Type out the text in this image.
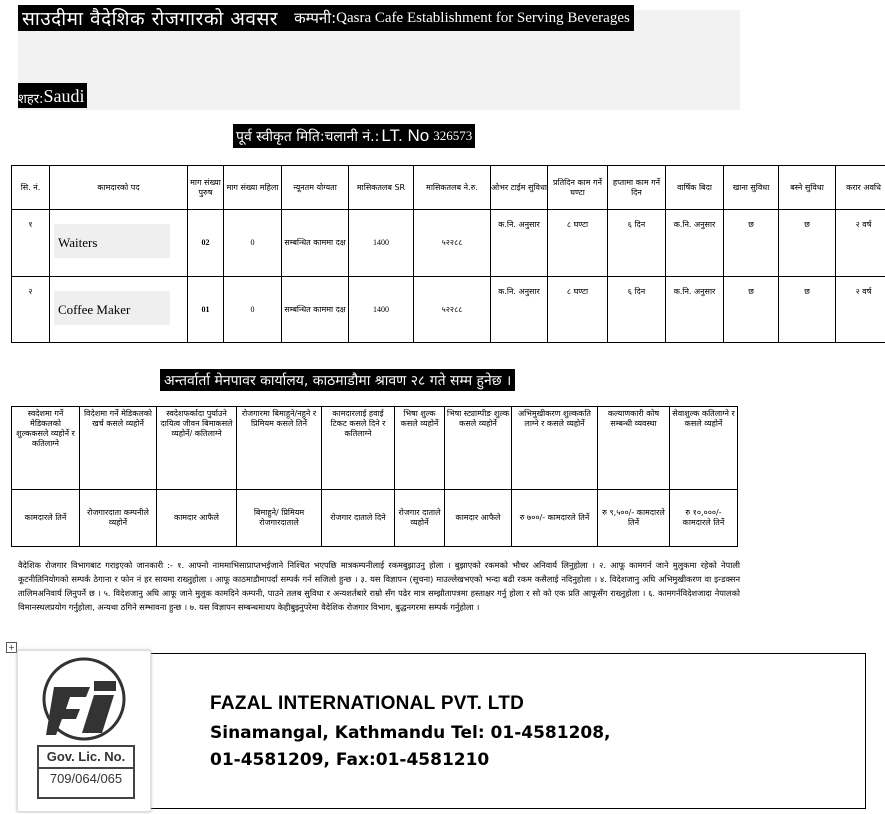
साउदीमा वैदेशिक रोजगारको अवसर कम्पनी: Qasra Cafe Establishment for Serving Beverages
शहर: Saudi
पूर्व स्वीकृत मिति:चलानी नं.: LT. No 326573
सि. नं.	कामदारको पद	माग संख्या पुरुष	माग संख्या महिला	न्यूनतम योग्यता	मासिकतलब SR	मासिकतलब ने.रु.	ओभर टाईम सुविधा	प्रतिदिन काम गर्ने घण्टा	हप्तामा काम गर्ने दिन	वार्षिक बिदा	खाना सुविधा	बस्ने सुविधा	करार अवधि
१	Waiters	02	0	सम्बन्धित काममा दक्ष	1400	५२२८८	क.नि. अनुसार	८ घण्टा	६ दिन	क.नि. अनुसार	छ	छ	२ वर्ष
२	Coffee Maker	01	0	सम्बन्धित काममा दक्ष	1400	५२२८८	क.नि. अनुसार	८ घण्टा	६ दिन	क.नि. अनुसार	छ	छ	२ वर्ष
अन्तर्वार्ता मेनपावर कार्यालय, काठमाडौमा श्रावण २८ गते सम्म हुनेछ ।
स्वदेशमा गर्ने मेडिकलको शुल्ककसले व्यहोर्ने र कतिलाग्ने	विदेशमा गर्ने मेडिकलको खर्च कसले व्यहोर्ने	स्वदेशफर्कादा पुर्याउने दायित्व जीवन बिमाकसले व्यहोर्ने/ कतिलाग्ने	रोजगारमा बिमाहुने/नहुने र प्रिमियम कसले तिर्ने	कामदारलाई हवाई टिकट कसले दिने र कतिलाग्ने	भिषा शुल्क कसले व्यहोर्ने	भिषा स्ट्याम्पीङ शुल्क कसले व्यहोर्ने	अभिमुखीकरण शुल्ककति लाग्ने र कसले व्यहोर्ने	कल्याणकारी कोष सम्बन्धी व्यवस्था	सेवाशुल्क कतिलाग्ने र कसले व्यहोर्ने
कामदारले तिर्ने	रोजगारदाता कम्पनीले व्यहोर्ने	कामदार आफैले	बिमाहुने/ प्रिमियम रोजगारदाताले	रोजगार दाताले दिने	रोजगार दाताले व्यहोर्ने	कामदार आफैले	रु ७००/- कामदारले तिर्ने	रु ९,५००/- कामदारले तिर्ने	रु १०,०००/- कामदारले तिर्ने
वैदेशिक रोजगार विभागबाट गराइएको जानकारी :- १. आफ्नो नाममाभिसाप्राप्तभईजाने निश्चित भएपछि मात्रकम्पनीलाई रकमबुझाउनु होला । बुझाएको रकमको भौचर अनिवार्य लिनुहोला । २. आफू कामगर्न जाने मुलुकमा रहेको नेपाली कूटनीतिनियोगको सम्पर्क ठेगाना र फोन नं हर सायमा राख्नुहोला । आफू काठमाडौमापर्दा सम्पर्क गर्न सजिलो हुन्छ । ३. यस विज्ञापन (सूचना) माउल्लेखभएको भन्दा बढी रकम कसैलाई नदिनुहोला । ४. विदेशजानु अघि अभिमुखीकरण वा इन्डक्सन तालिमअनिवार्य लिनुपर्ने छ । ५. विदेशजानु अघि आफू जाने मुलुक कामदिने कम्पनी, पाउने तलब सुविधा र अन्यशर्तबारे राम्रो सँग पढेर मात्र सम्झौतापत्रमा हस्ताक्षर गर्नु होला र सो को एक प्रति आफूसँग राख्नुहोला । ६. कामगर्नविदेशजादा नेपालको विमानस्थलप्रयोग गर्नुहोला, अन्यथा ठगिने सम्भावना हुन्छ । ७. यस विज्ञापन सम्बन्धमाथप केहीबुझ्नुपरेमा वैदेशिक रोजगार विभाग, बुद्धनगरमा सम्पर्क गर्नुहोला ।
+
Gov. Lic. No.
709/064/065
FAZAL INTERNATIONAL PVT. LTD
Sinamangal, Kathmandu Tel: 01-4581208,
01-4581209, Fax:01-4581210
